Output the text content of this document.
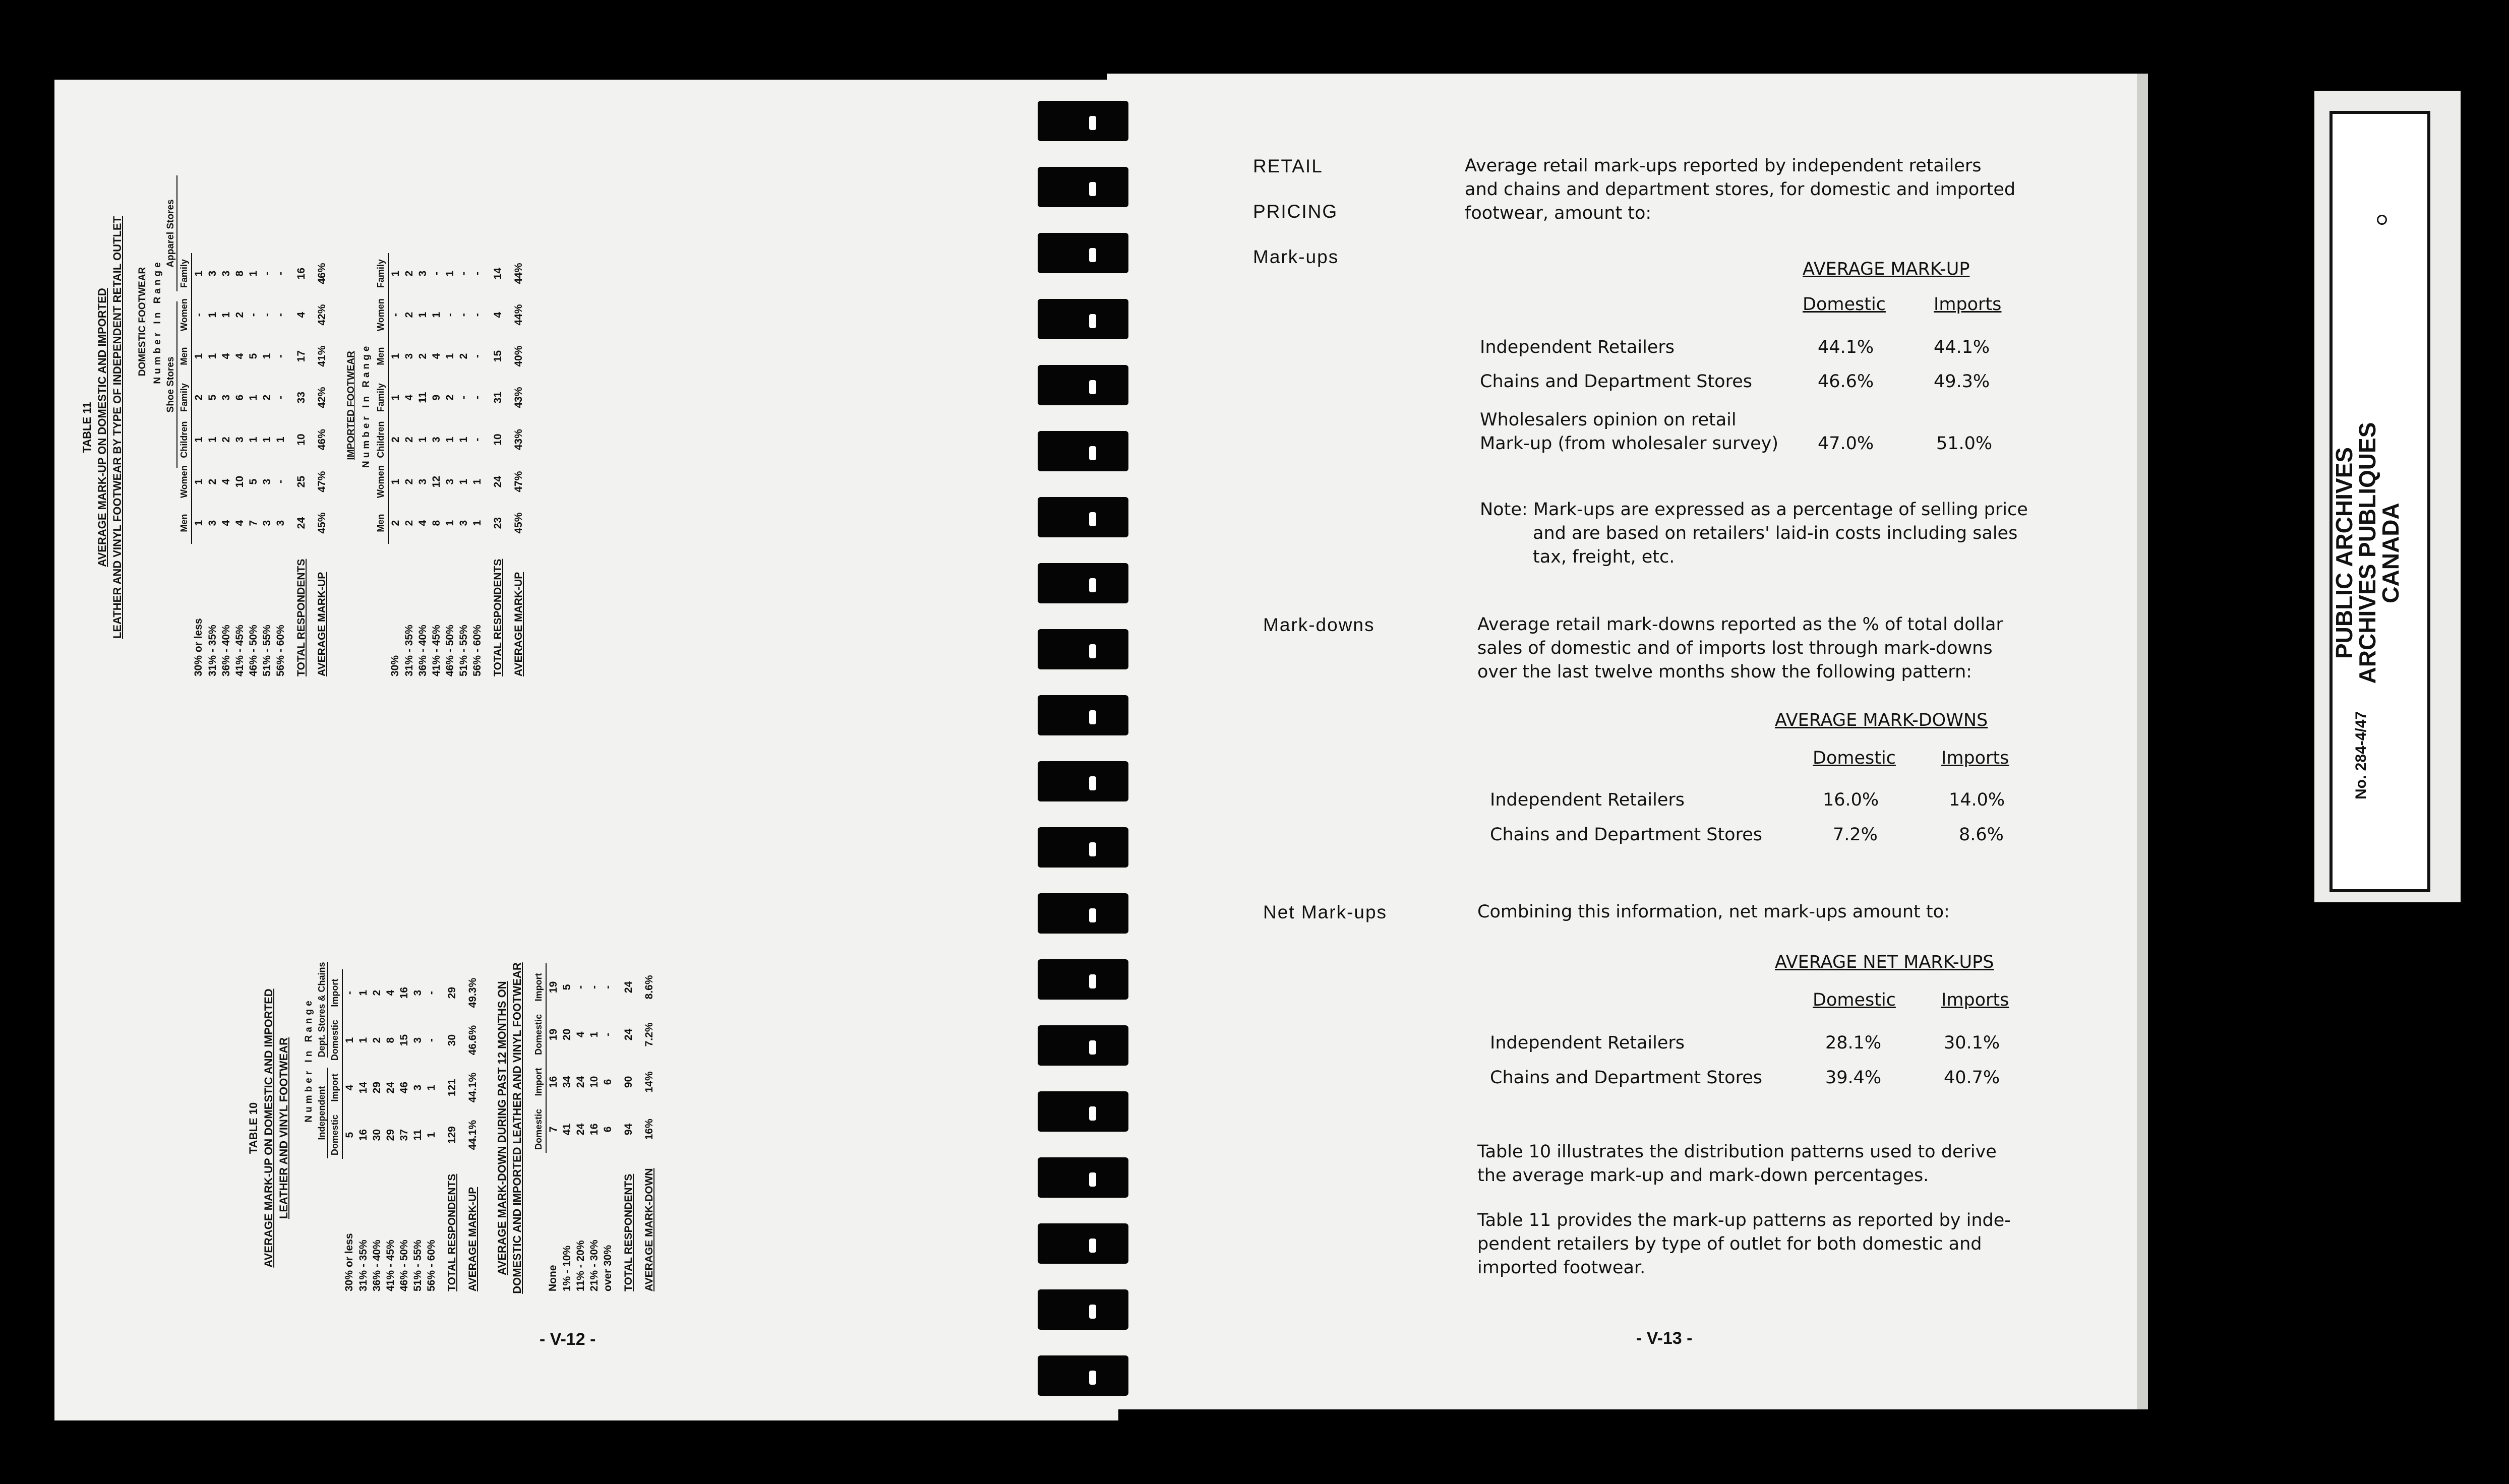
TABLE 11 AVERAGE MARK-UP ON DOMESTIC AND IMPORTED LEATHER AND VINYL FOOTWEAR BY TYPE OF INDEPENDENT RETAIL OUTLET DOMESTIC FOOTWEAR Number In Range
Shoe Stores
Apparel Stores
	Men	Women	Children	Family	Men	Women	Family
30% or less	1	1	1	2	1	-	1
31% - 35%	3	2	1	5	1	1	3
36% - 40%	4	4	2	3	4	1	3
41% - 45%	4	10	3	6	4	2	8
46% - 50%	7	5	1	1	5	-	1
51% - 55%	3	3	1	2	1	-	-
56% - 60%	3	-	1	-	-	-	-
TOTAL RESPONDENTS	24	25	10	33	17	4	16
AVERAGE MARK-UP	45%	47%	46%	42%	41%	42%	46%
IMPORTED FOOTWEAR Number In Range
	Men	Women	Children	Family	Men	Women	Family
30%	2	1	2	1	1	-	1
31% - 35%	2	2	2	4	3	2	2
36% - 40%	4	3	1	11	2	1	3
41% - 45%	8	12	3	9	4	1	-
46% - 50%	1	3	1	2	1	-	1
51% - 55%	3	1	1	-	2	-	-
56% - 60%	1	1	-	-	-	-	-
TOTAL RESPONDENTS	23	24	10	31	15	4	14
AVERAGE MARK-UP	45%	47%	43%	43%	40%	44%	44%
TABLE 10 AVERAGE MARK-UP ON DOMESTIC AND IMPORTED LEATHER AND VINYL FOOTWEAR Number In Range Independent
Dept. Stores & Chains
	Domestic	Import	Domestic	Import
30% or less	5	4	1	-
31% - 35%	16	14	1	1
36% - 40%	30	29	2	2
41% - 45%	29	24	8	4
46% - 50%	37	46	15	16
51% - 55%	11	3	3	3
56% - 60%	1	1	-	-
TOTAL RESPONDENTS	129	121	30	29
AVERAGE MARK-UP	44.1%	44.1%	46.6%	49.3% AVERAGE MARK-DOWN DURING PAST 12 MONTHS ON DOMESTIC AND IMPORTED LEATHER AND VINYL FOOTWEAR
	Domestic	Import	Domestic	Import
None	7	16	19	19
1% - 10%	41	34	20	5
11% - 20%	24	24	4	-
21% - 30%	16	10	1	-
over 30%	6	6	-	-
TOTAL RESPONDENTS	94	90	24	24
AVERAGE MARK-DOWN	16%	14%	7.2%	8.6%
- V-12 -
RETAIL
PRICING
Mark-ups
Average retail mark-ups reported by independent retailers
and chains and department stores, for domestic and imported
footwear, amount to:
AVERAGE MARK-UP
Domestic	Imports
Independent Retailers	44.1%	44.1%
Chains and Department Stores	46.6%	49.3%
Wholesalers opinion on retail
Mark-up (from wholesaler survey) 47.0%	51.0%
Note: Mark-ups are expressed as a percentage of selling price
and are based on retailers' laid-in costs including sales
tax, freight, etc.
Mark-downs	Average retail mark-downs reported as the % of total dollar
sales of domestic and of imports lost through mark-downs
over the last twelve months show the following pattern:
AVERAGE MARK-DOWNS
Domestic	Imports
Independent Retailers	16.0%	14.0%
Chains and Department Stores	7.2%	8.6%
Net Mark-ups	Combining this information, net mark-ups amount to:
AVERAGE NET MARK-UPS
Domestic	Imports
Independent Retailers	28.1%	30.1%
Chains and Department Stores	39.4%	40.7%
Table 10 illustrates the distribution patterns used to derive
the average mark-up and mark-down percentages.
Table 11 provides the mark-up patterns as reported by inde-
pendent retailers by type of outlet for both domestic and
imported footwear.
- V-13 -
No. 284-4/47
PUBLIC ARCHIVES
ARCHIVES PUBLIQUES
CANADA
